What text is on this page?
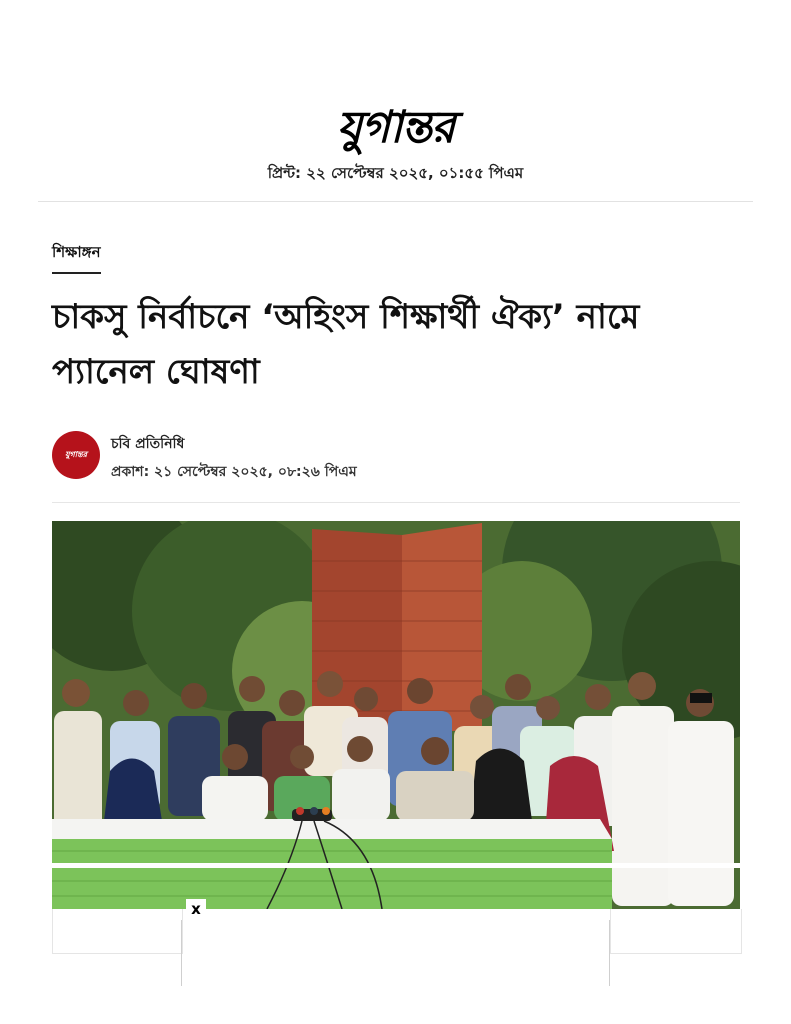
যুগান্তর
প্রিন্ট: ২২ সেপ্টেম্বর ২০২৫, ০১:৫৫ পিএম
শিক্ষাঙ্গন
চাকসু নির্বাচনে ‘অহিংস শিক্ষার্থী ঐক্য’ নামে প্যানেল ঘোষণা
যুগান্তর
চবি প্রতিনিধি
প্রকাশ: ২১ সেপ্টেম্বর ২০২৫, ০৮:২৬ পিএম
x
